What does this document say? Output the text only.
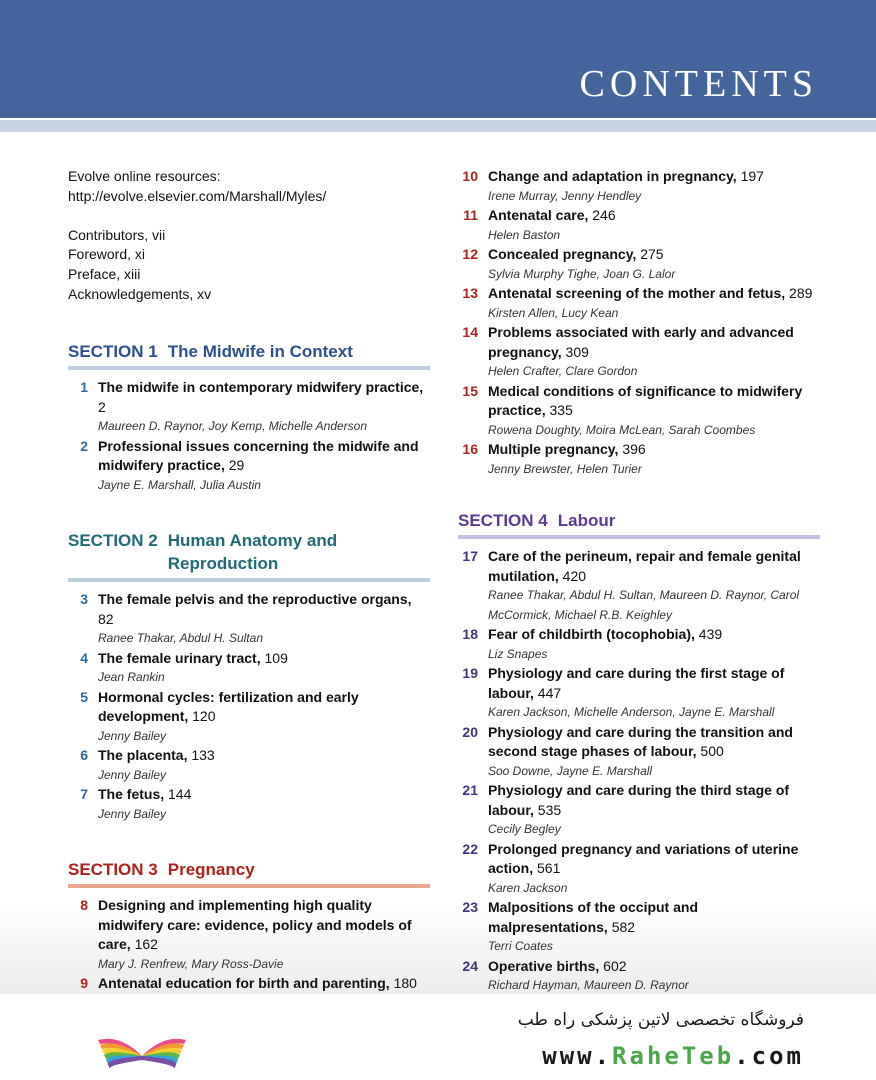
CONTENTS
Evolve online resources:
http://evolve.elsevier.com/Marshall/Myles/
Contributors, vii
Foreword, xi
Preface, xiii
Acknowledgements, xv
SECTION 1 The Midwife in Context
1 The midwife in contemporary midwifery practice, 2
Maureen D. Raynor, Joy Kemp, Michelle Anderson
2 Professional issues concerning the midwife and midwifery practice, 29
Jayne E. Marshall, Julia Austin
SECTION 2 Human Anatomy and Reproduction
3 The female pelvis and the reproductive organs, 82
Ranee Thakar, Abdul H. Sultan
4 The female urinary tract, 109
Jean Rankin
5 Hormonal cycles: fertilization and early development, 120
Jenny Bailey
6 The placenta, 133
Jenny Bailey
7 The fetus, 144
Jenny Bailey
SECTION 3 Pregnancy
8 Designing and implementing high quality midwifery care: evidence, policy and models of care, 162
Mary J. Renfrew, Mary Ross-Davie
9 Antenatal education for birth and parenting, 180
10 Change and adaptation in pregnancy, 197
Irene Murray, Jenny Hendley
11 Antenatal care, 246
Helen Baston
12 Concealed pregnancy, 275
Sylvia Murphy Tighe, Joan G. Lalor
13 Antenatal screening of the mother and fetus, 289
Kirsten Allen, Lucy Kean
14 Problems associated with early and advanced pregnancy, 309
Helen Crafter, Clare Gordon
15 Medical conditions of significance to midwifery practice, 335
Rowena Doughty, Moira McLean, Sarah Coombes
16 Multiple pregnancy, 396
Jenny Brewster, Helen Turier
SECTION 4 Labour
17 Care of the perineum, repair and female genital mutilation, 420
Ranee Thakar, Abdul H. Sultan, Maureen D. Raynor, Carol McCormick, Michael R.B. Keighley
18 Fear of childbirth (tocophobia), 439
Liz Snapes
19 Physiology and care during the first stage of labour, 447
Karen Jackson, Michelle Anderson, Jayne E. Marshall
20 Physiology and care during the transition and second stage phases of labour, 500
Soo Downe, Jayne E. Marshall
21 Physiology and care during the third stage of labour, 535
Cecily Begley
22 Prolonged pregnancy and variations of uterine action, 561
Karen Jackson
23 Malpositions of the occiput and malpresentations, 582
Terri Coates
24 Operative births, 602
Richard Hayman, Maureen D. Raynor
فروشگاه تخصصی لاتین پزشکی راه طب
www.RaheTeb.com
